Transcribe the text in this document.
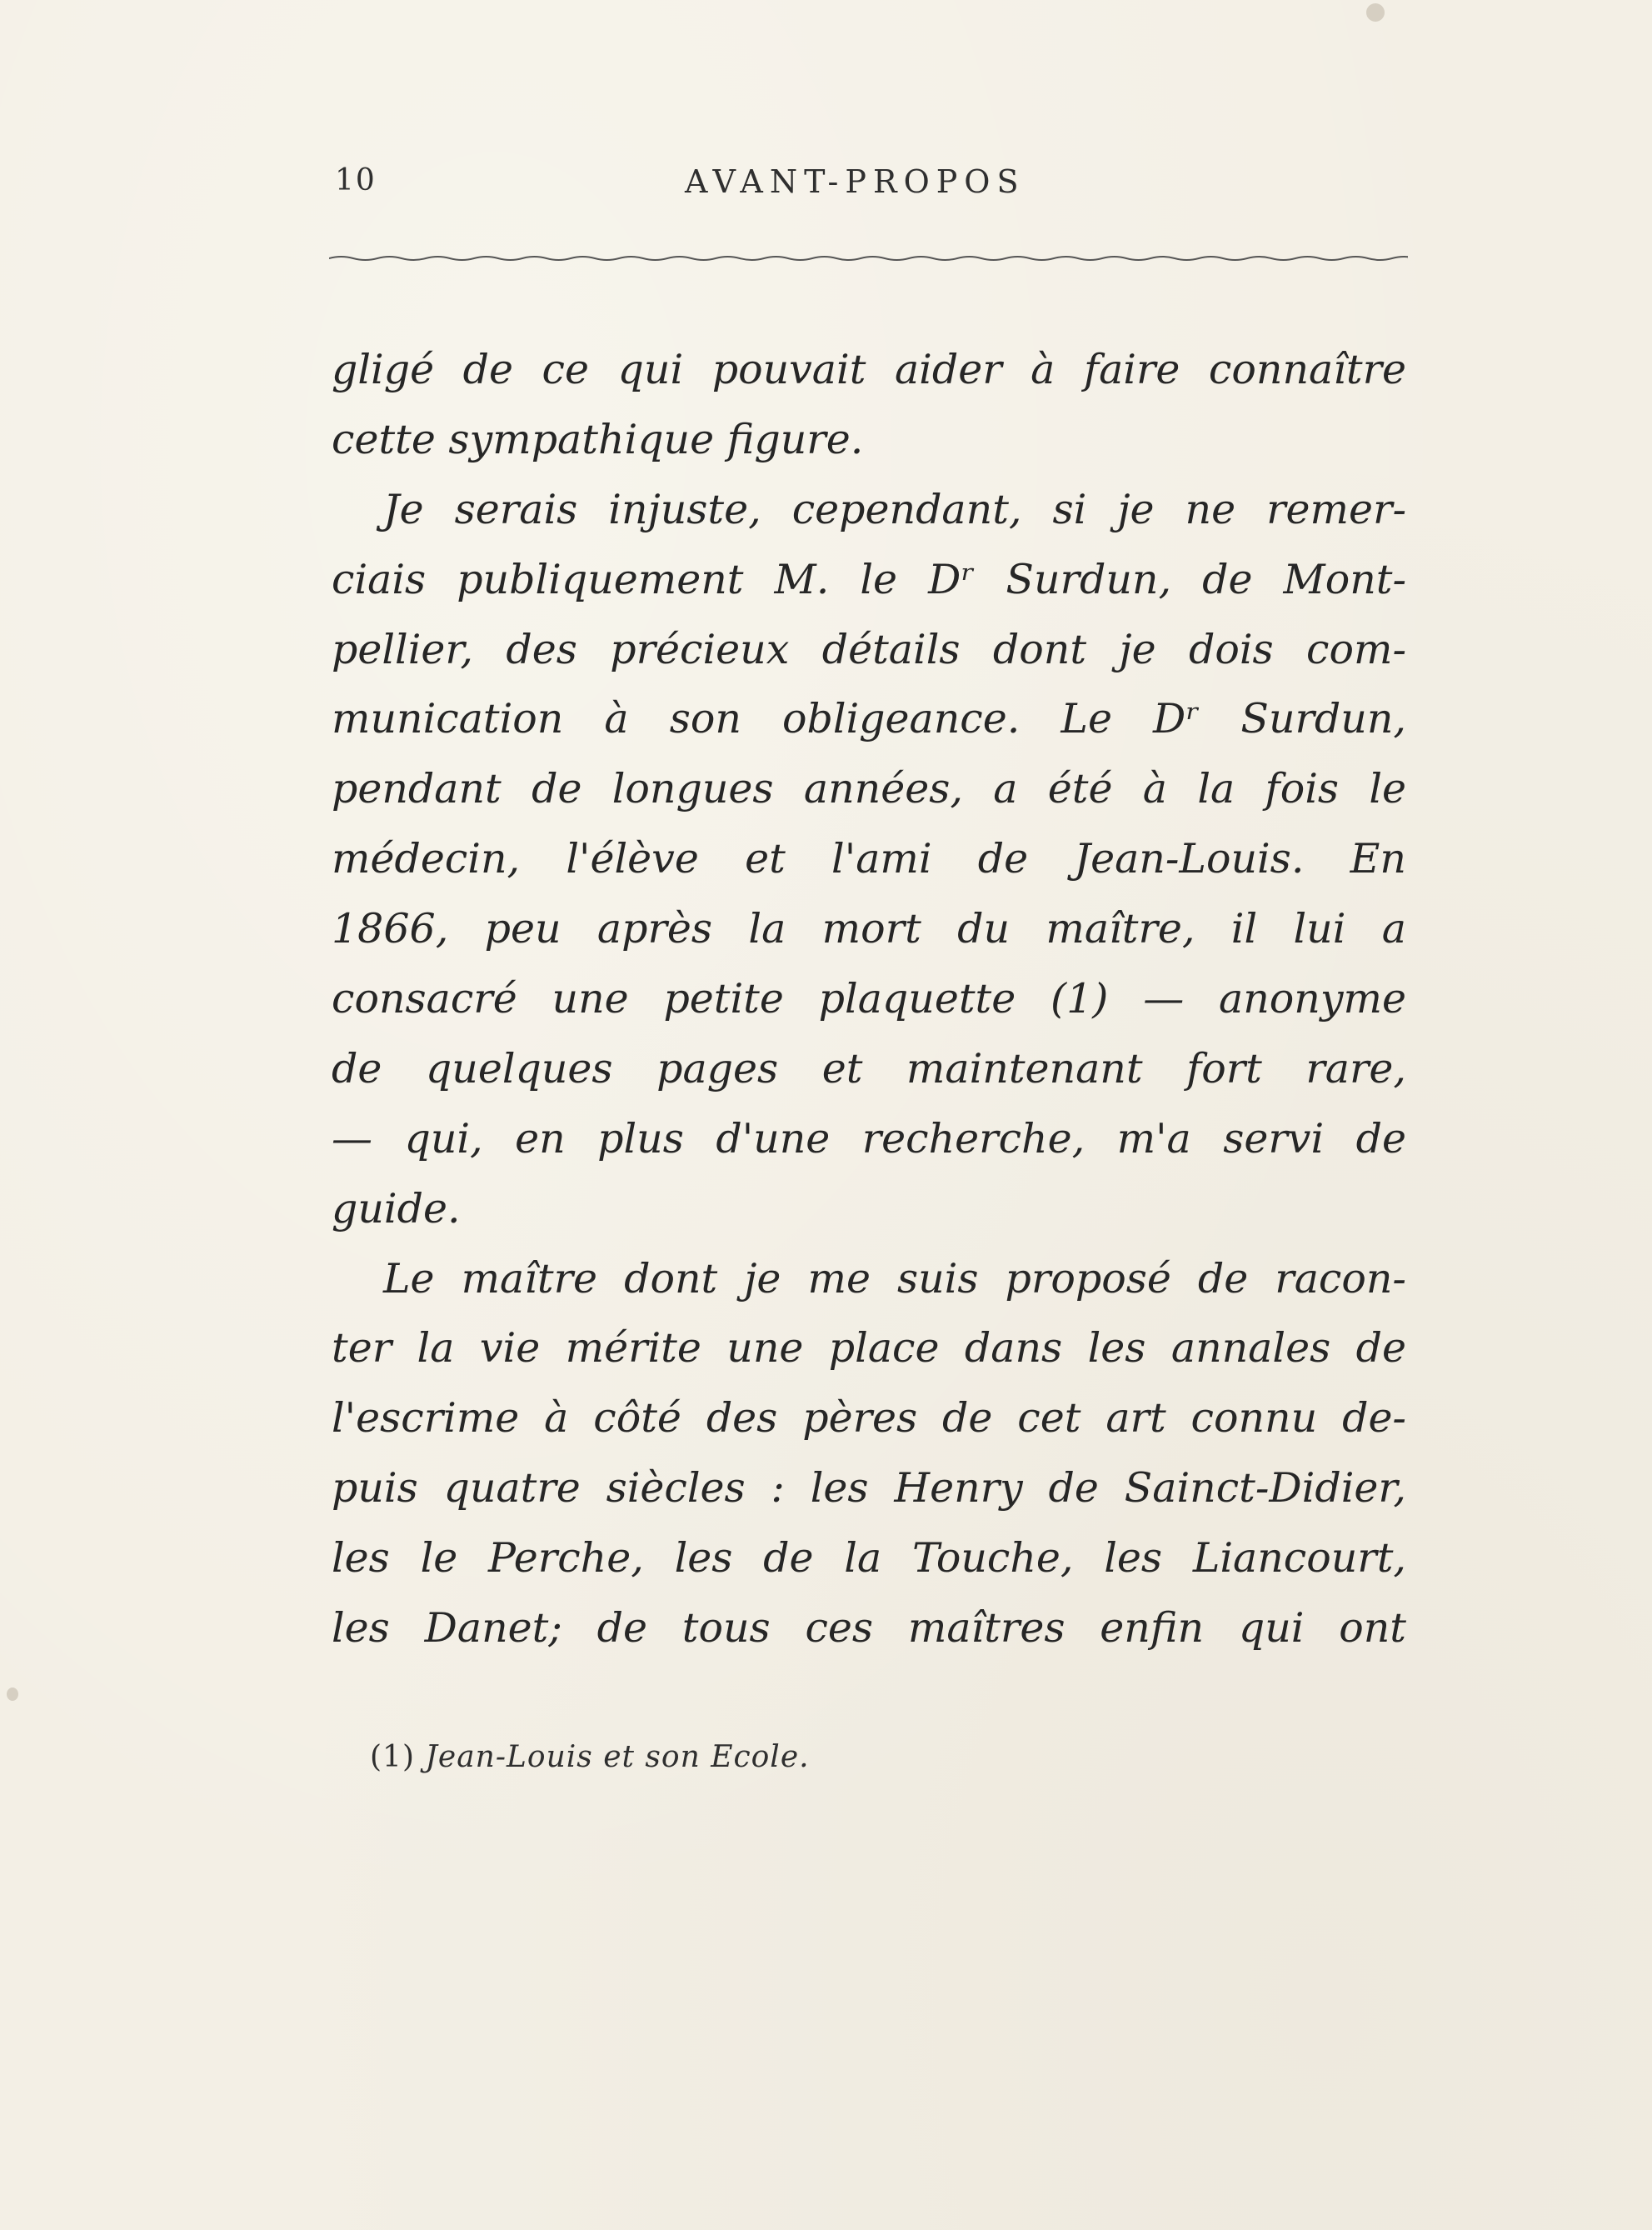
10	AVANT-PROPOS
gligé de ce qui pouvait aider à faire connaître
cette sympathique figure.
Je serais injuste, cependant, si je ne remer-
ciais publiquement M. le Dʳ Surdun, de Mont-
pellier, des précieux détails dont je dois com-
munication à son obligeance. Le Dʳ Surdun,
pendant de longues années, a été à la fois le
médecin, l'élève et l'ami de Jean-Louis. En
1866, peu après la mort du maître, il lui a
consacré une petite plaquette (1) — anonyme
de quelques pages et maintenant fort rare,
— qui, en plus d'une recherche, m'a servi de
guide.
Le maître dont je me suis proposé de racon-
ter la vie mérite une place dans les annales de
l'escrime à côté des pères de cet art connu de-
puis quatre siècles : les Henry de Sainct-Didier,
les le Perche, les de la Touche, les Liancourt,
les Danet; de tous ces maîtres enfin qui ont
(1) Jean-Louis et son Ecole.
